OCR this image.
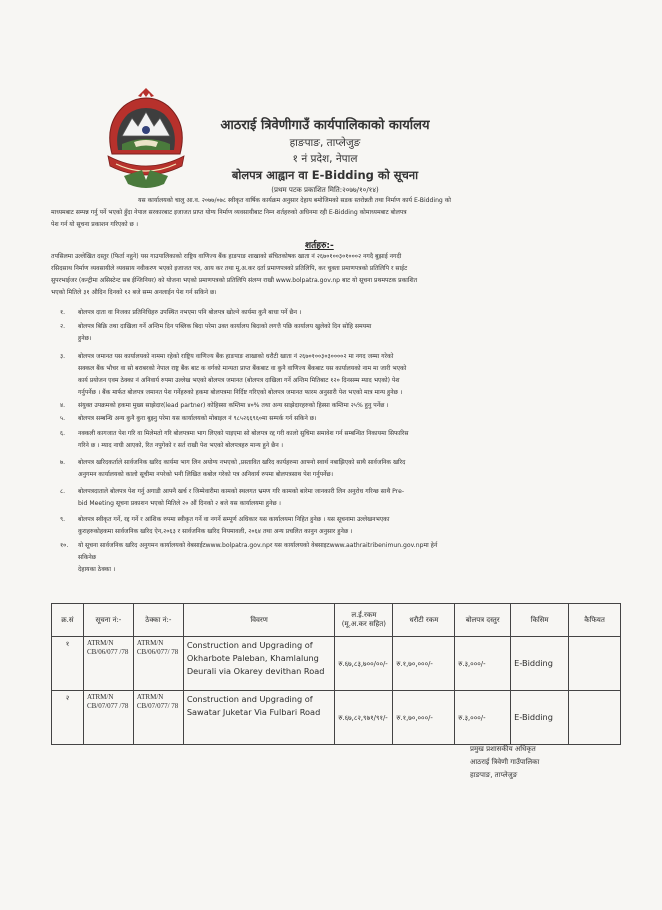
आठराई त्रिवेणीगाउँ कार्यपालिकाको कार्यालय
हाङपाङ, ताप्लेजुङ
१ नं प्रदेश, नेपाल
बोलपत्र आह्वान वा E-Bidding को सूचना
(प्रथम पटक प्रकाशित मिति:२०७७/१०/१४)
यस कार्यालयको चालु आ.व. २०७७/०७८ स्वीकृत वार्षिक कार्यक्रम अनुसार देहाय बमोजिमको सडक स्तरोन्नती तथा निर्माण कार्य E-Bidding को
माध्यमबाट सम्पन्न गर्नु पर्ने भएको हुँदा नेपाल सरकारबाट इजाजत प्राप्त योग्य निर्माण व्यवसायीबाट निम्न शर्तहरुको अधिनमा रही E-Bidding कोमाध्यमबाट बोलपत्र
पेश गर्न यो सूचना प्रकाशन गरिएको छ ।
शर्तहरु:-
तपसिलमा उल्लेखित दस्तुर (फिर्ता नहुने) यस गाउपालिकाको राष्ट्रिय वाणिज्य बैंक हाङपाङ शाखाको संचितकोषक खाता नं २६७०१००३०१०००२ नगदै बुझाई नगदी
रसिदसाथ निर्माण व्यवसायीले व्यवसाय नवीकरण भएको इजाजत पत्र, आय कर तथा मू.अ.कर दर्ता प्रमाणपत्रको प्रतिलिपि, कर चुक्ता प्रमाणपत्रको प्रतिलिपि र साईट
सुपरभाईजर (कन्ट्रीमा असिस्टेन्ट सब ईन्जिनियर) को योजना भएको प्रमाणपत्रको प्रतिलिपि संलग्न राखी www.bolpatra.gov.np बाट यो सूचना प्रथमपटक प्रकाशित
भएको मितिले ३१ औदिन दिनको १२ बजे सम्म अनलाईन पेश गर्न सकिने छ।
१. बोलपत्र दाता वा निजका प्रतिनिधिहरु उपस्थित नभएमा पनि बोलपत्र खोल्ने कार्यमा कुनै बाधा पर्ने छैन ।
२. बोलपत्र बिक्रि तथा दाखिला गर्ने अन्तिम दिन पब्लिक बिदा परेमा उक्त कार्यालय बिदाको लगत्तै पछि कार्यालय खुलेको दिन सोहि समयमा
हुनेछ।
३. बोलपत्र जमानत यस कार्यालयको नाममा रहेको राष्ट्रिय वाणिज्य बैंक हाङपाङ शाखाको धरौटी खाता नं २६७०१००३०३००००२ मा नगद जम्मा गरेको
सक्कल बैंक भौचर वा सो बराबरको नेपाल राष्ट्र बैंक बाट क वर्गको मान्यता प्राप्त बैंकबाट वा कुनै वाणिज्य बैंकबाट यस कार्यालयको नाम मा जारी भएको
कार्य प्रयोजन एवम ठेक्का नं अनिवार्य रुपमा उल्लेख भएको बोलपत्र जमानत (बोलपत्र दाखिला गर्ने अन्तिम मितिबाट १२० दिनसम्म म्याद भएको) पेश
गर्नुपर्नेछ । बैंक मार्फत बोलपत्र जमानत पेश गर्नेहरुको हकमा बोलपत्रमा निर्दिष्ट गरिएको बोलपत्र जमानत फारम अनुसारी पेश भएको मात्र मान्य हुनेछ ।
४. संयुक्त उपक्रमको हकमा मुख्य साझेदार(lead partner) कोहिस्सा कम्तिमा ४०% तथा अन्य साझेदारहरुको हिस्सा कम्तिमा २५% हुनु पर्नेछ ।
५. बोलपत्र सम्बन्धि अन्य कुनै कुरा बुझ्नु परेमा यस कार्यालयको मोबाइल नं ९८५२६६९६०मा सम्पर्क गर्न सकिने छ।
६. नक्कली कागजात पेश गरि वा मिलेमतो गरि बोलपत्रमा भाग लिएको पाइएमा सो बोलपत्र रद्द गरी कालो सुचिमा समावेश गर्न सम्बन्धित निकायमा सिफारिस
गरिने छ । म्याद नाघी आएको, रित नपुगेको र सर्त राखी पेश भएको बोलपत्रहरु मान्य हुने छैन ।
७. बोलपत्र खरिदकर्ताले सार्वजनिक खरिद कार्यमा भाग लिन अयोग्य नभएको ,प्रस्तावित खरिद कार्यहरुमा आफ्नो स्वार्थ नबाझिएको साथै सार्वजनिक खरिद
अनुगमन कार्यालयको कालो सूचीमा नपरेको भनी लिखित कबोल गरेको पत्र अनिवार्य रुपमा बोलपत्रसाथ पेश गर्नुपर्नेछ।
८. बोलपत्रदाताले बोलपत्र पेश गर्नु अगाडी आफ्नै खर्च र जिम्मेवारीमा कामको स्थलगत भ्रमण गरि कामको बारेमा जानकारी लिन अनुरोध गरिन्छ साथै Pre-
bid Meeting सूचना प्रकाशन भएको मितिले २० औं दिनको २ बजे यस कार्यालयमा हुनेछ ।
९. बोलपत्र स्वीकृत गर्ने, रद्द गर्ने र आंशिक रुपमा स्वीकृत गर्ने वा नगर्ने सम्पूर्ण अधिकार यस कार्यालयमा निहित हुनेछ । यस सूचनामा उल्लेखनभएका
कुराहरुकोहकमा सार्वजनिक खरिद ऐन,२०६३ र सार्वजनिक खरिद नियमावली, २०६४ तथा अन्य प्रचलित कानुन अनुसार हुनेछ ।
१०. यो सूचना सार्वजनिक खरिद अनुगमन कार्यालयको वेबसाईटwww.bolpatra.gov.npर यस कार्यालयको वेबसाइटwww.aathraitribenimun.gov.npमा हेर्न
सकिनेछ
देहायका ठेक्का ।
क्र.सं	सूचना नं:-	ठेक्का नं:-	विवरण	ल.ई.रकम (मू.अ.कर सहित)	धरौटी रकम	बोलपत्र दस्तुर	किसिम	कैफियत
१	ATRM/N CB/06/077 /78	ATRM/N CB/06/077/ 78	Construction and Upgrading of Okharbote Paleban, Khamlalung Deurali via Okarey devithan Road	रु.६७,८३,७००/००/-	रु.१,७०,०००/-	रु.३,०००/-	E-Bidding	
२	ATRM/N CB/07/077 /78	ATRM/N CB/07/077/ 78	Construction and Upgrading of Sawatar Juketar Via Fulbari Road	रु.६७,८२,९७१/९१/-	रु.१,७०,०००/-	रु.३,०००/-	E-Bidding	
प्रमुख प्रशासकीय अधिकृत
आठराई त्रिवेणी गाउँपालिका
हाङपाङ, ताप्लेजुङ
